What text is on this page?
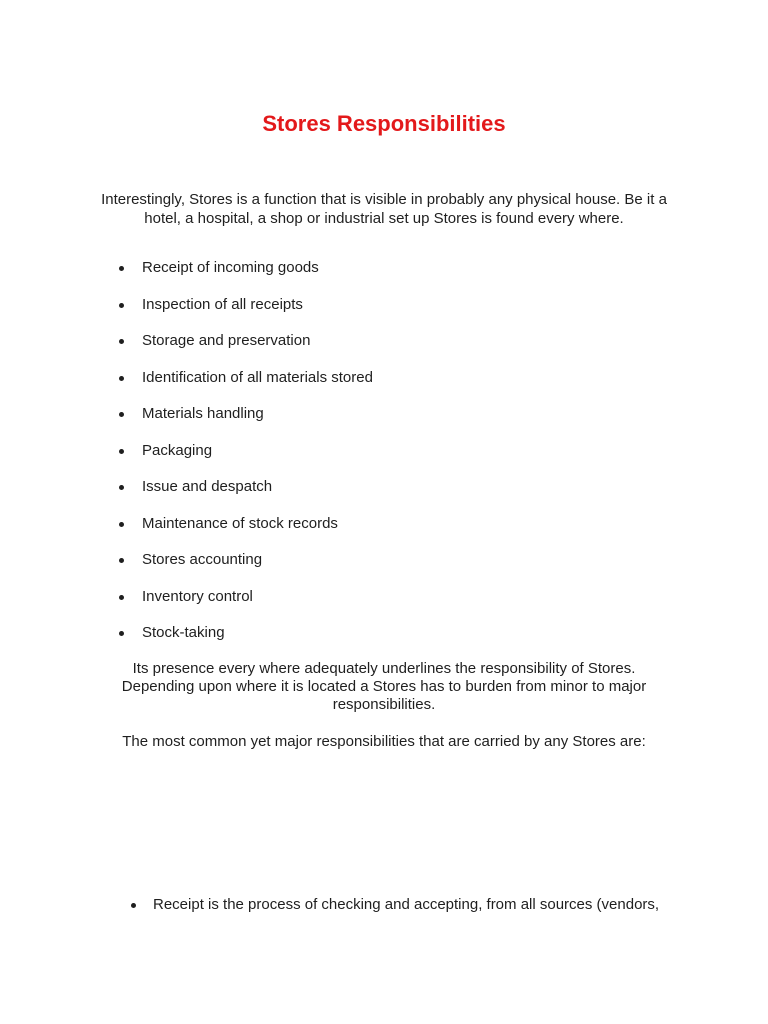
Stores Responsibilities
Interestingly, Stores is a function that is visible in probably any physical house. Be it a
hotel, a hospital, a shop or industrial set up Stores is found every where.
Receipt of incoming goods
Inspection of all receipts
Storage and preservation
Identification of all materials stored
Materials handling
Packaging
Issue and despatch
Maintenance of stock records
Stores accounting
Inventory control
Stock-taking
Its presence every where adequately underlines the responsibility of Stores.
Depending upon where it is located a Stores has to burden from minor to major
responsibilities.
The most common yet major responsibilities that are carried by any Stores are:
Receipt is the process of checking and accepting, from all sources (vendors,
